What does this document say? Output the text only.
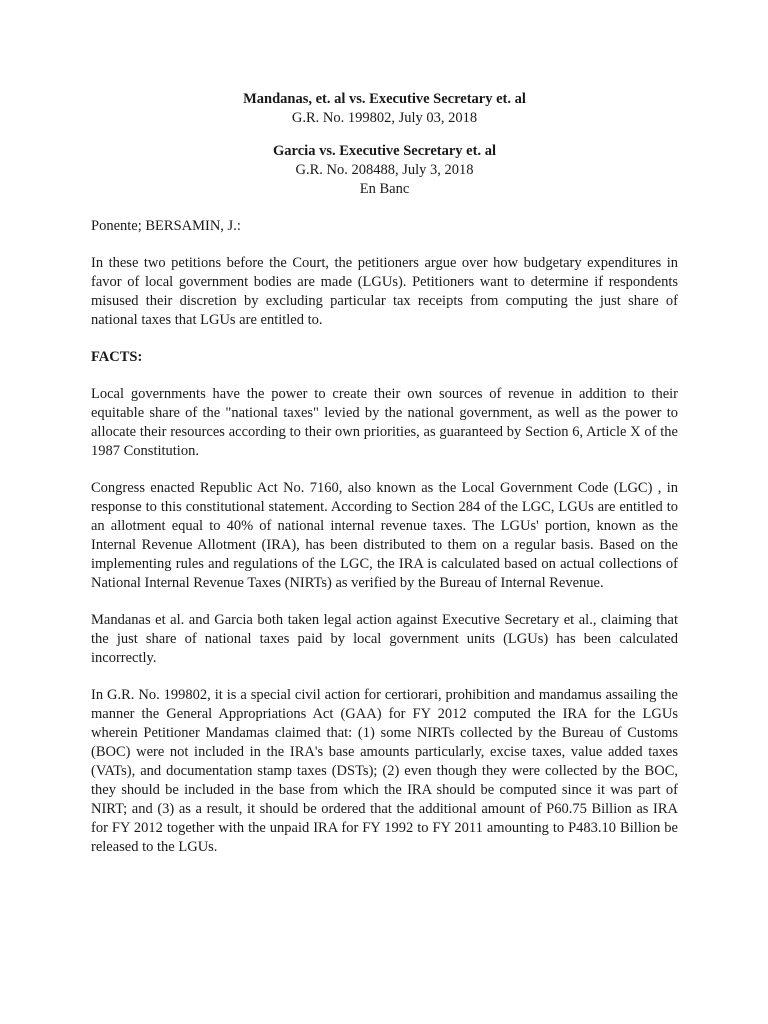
Mandanas, et. al vs. Executive Secretary et. al

G.R. No. 199802, July 03, 2018

Garcia vs. Executive Secretary et. al

G.R. No. 208488, July 3, 2018

En Banc

Ponente; BERSAMIN, J.:

In these two petitions before the Court, the petitioners argue over how budgetary expenditures in favor of local government bodies are made (LGUs). Petitioners want to determine if respondents misused their discretion by excluding particular tax receipts from computing the just share of national taxes that LGUs are entitled to.

FACTS:

Local governments have the power to create their own sources of revenue in addition to their equitable share of the "national taxes" levied by the national government, as well as the power to allocate their resources according to their own priorities, as guaranteed by Section 6, Article X of the 1987 Constitution.

Congress enacted Republic Act No. 7160, also known as the Local Government Code (LGC) , in response to this constitutional statement. According to Section 284 of the LGC, LGUs are entitled to an allotment equal to 40% of national internal revenue taxes. The LGUs' portion, known as the Internal Revenue Allotment (IRA), has been distributed to them on a regular basis. Based on the implementing rules and regulations of the LGC, the IRA is calculated based on actual collections of National Internal Revenue Taxes (NIRTs) as verified by the Bureau of Internal Revenue.

Mandanas et al. and Garcia both taken legal action against Executive Secretary et al., claiming that the just share of national taxes paid by local government units (LGUs) has been calculated incorrectly.

In G.R. No. 199802, it is a special civil action for certiorari, prohibition and mandamus assailing the manner the General Appropriations Act (GAA) for FY 2012 computed the IRA for the LGUs wherein Petitioner Mandamas claimed that: (1) some NIRTs collected by the Bureau of Customs (BOC) were not included in the IRA's base amounts particularly, excise taxes, value added taxes (VATs), and documentation stamp taxes (DSTs); (2) even though they were collected by the BOC, they should be included in the base from which the IRA should be computed since it was part of NIRT; and (3) as a result, it should be ordered that the additional amount of P60.75 Billion as IRA for FY 2012 together with the unpaid IRA for FY 1992 to FY 2011 amounting to P483.10 Billion be released to the LGUs.
